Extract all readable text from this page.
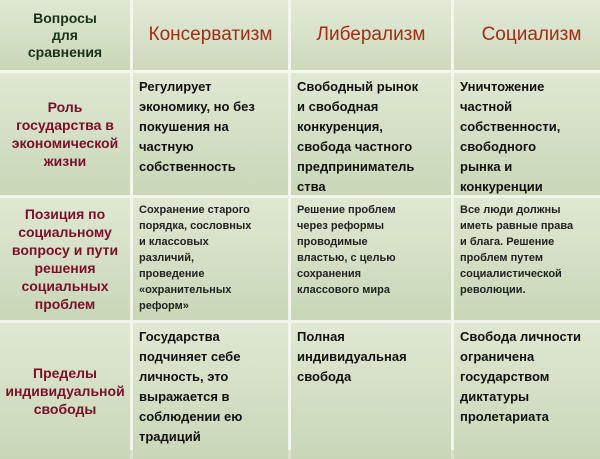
Вопросы
для
сравнения
Консерватизм	Либерализм	Социализм
Роль
государства в
экономической
жизни
Регулирует
экономику, но без
покушения на
частную
собственность
Свободный рынок
и свободная
конкуренция,
свобода частного
предприниматель
ства
Уничтожение
частной
собственности,
свободного
рынка и
конкуренции
Позиция по
социальному
вопросу и пути
решения
социальных
проблем
Сохранение старого
порядка, сословных
и классовых
различий,
проведение
«охранительных
реформ»
Решение проблем
через реформы
проводимые
властью, с целью
сохранения
классового мира
Все люди должны
иметь равные права
и блага. Решение
проблем путем
социалистической
революции.
Пределы
индивидуальной
свободы
Государства
подчиняет себе
личность, это
выражается в
соблюдении ею
традиций
Полная
индивидуальная
свобода
Свобода личности
ограничена
государством
диктатуры
пролетариата
